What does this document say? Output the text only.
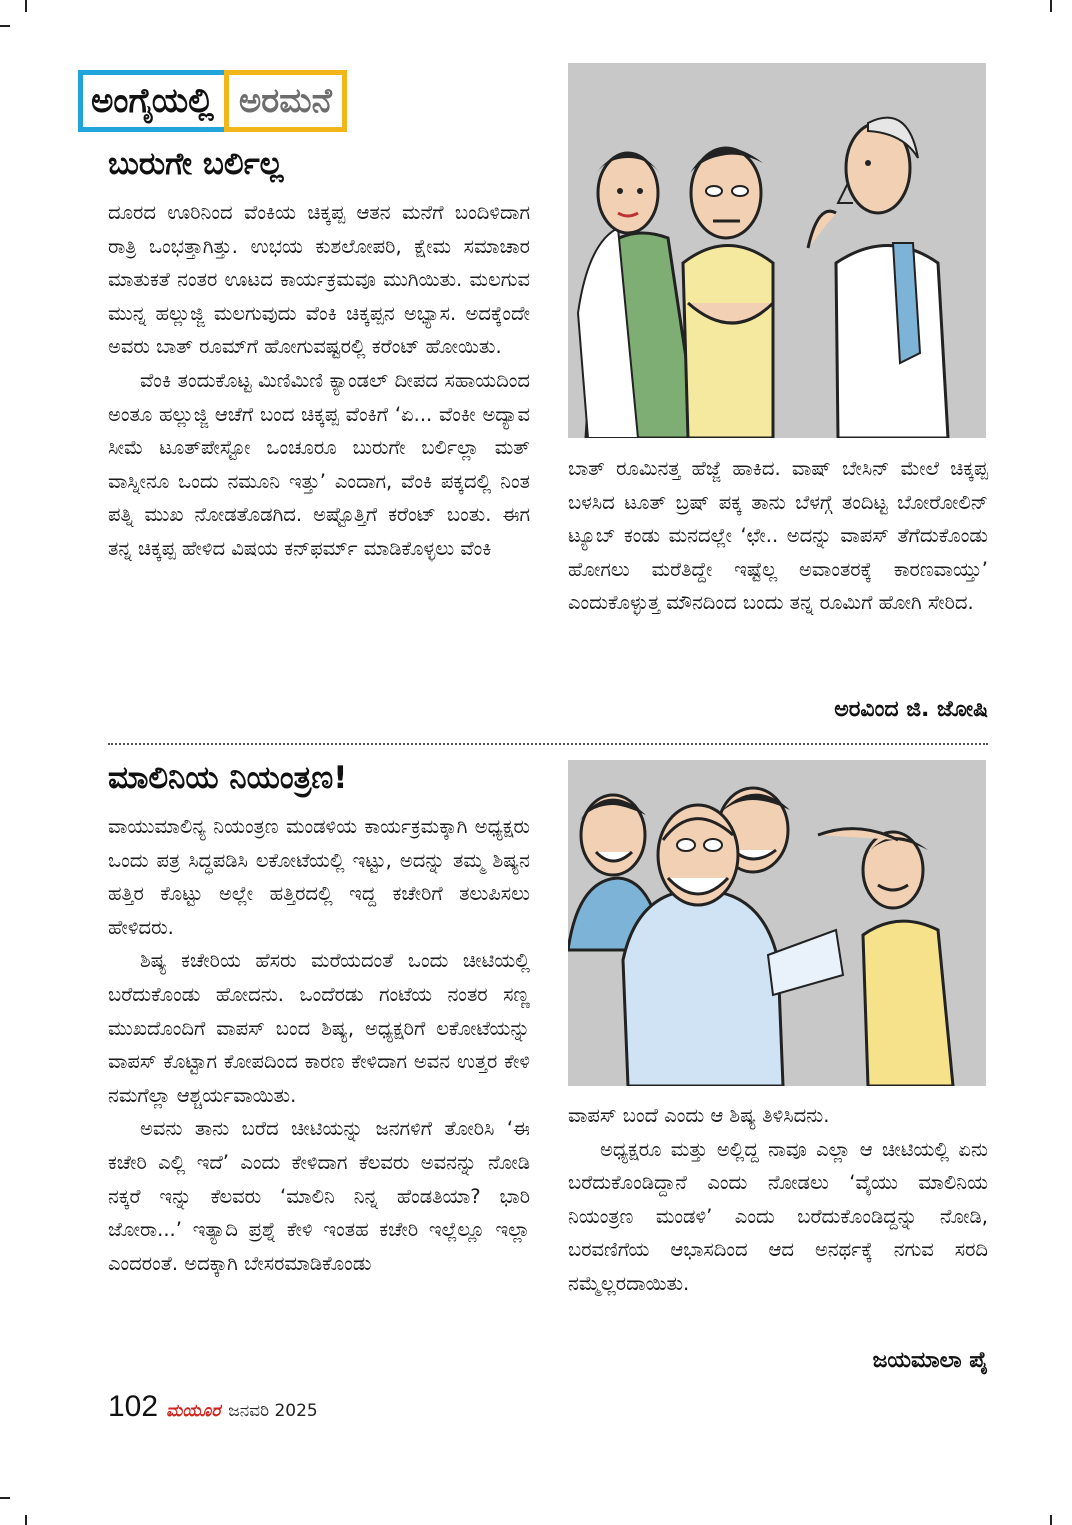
ಅಂಗೈಯಲ್ಲಿ ಅರಮನೆ
ಬುರುಗೇ ಬರ್ಲಿಲ್ಲ

ದೂರದ ಊರಿನಿಂದ ವೆಂಕಿಯ ಚಿಕ್ಕಪ್ಪ ಆತನ ಮನೆಗೆ ಬಂದಿಳಿದಾಗ ರಾತ್ರಿ ಒಂಭತ್ತಾಗಿತ್ತು. ಉಭಯ ಕುಶಲೋಪರಿ, ಕ್ಷೇಮ ಸಮಾಚಾರ ಮಾತುಕತೆ ನಂತರ ಊಟದ ಕಾರ್ಯಕ್ರಮವೂ ಮುಗಿಯಿತು. ಮಲಗುವ ಮುನ್ನ ಹಲ್ಲುಜ್ಜಿ ಮಲಗುವುದು ವೆಂಕಿ ಚಿಕ್ಕಪ್ಪನ ಅಭ್ಯಾಸ. ಅದಕ್ಕೆಂದೇ ಅವರು ಬಾತ್ ರೂಮ್‌ಗೆ ಹೋಗುವಷ್ಟರಲ್ಲಿ ಕರೆಂಟ್ ಹೋಯಿತು.

ವೆಂಕಿ ತಂದುಕೊಟ್ಟ ಮಿಣಿಮಿಣಿ ಕ್ಯಾಂಡಲ್ ದೀಪದ ಸಹಾಯದಿಂದ ಅಂತೂ ಹಲ್ಲುಜ್ಜಿ ಆಚೆಗೆ ಬಂದ ಚಿಕ್ಕಪ್ಪ ವೆಂಕಿಗೆ ‘ಏ... ವೆಂಕೀ ಅದ್ಯಾವ ಸೀಮೆ ಟೂತ್‌ಪೇಸ್ಟೋ ಒಂಚೂರೂ ಬುರುಗೇ ಬರ್ಲಿಲ್ಲಾ ಮತ್ ವಾಸ್ನೀನೂ ಒಂದು ನಮೂನಿ ಇತ್ತು’ ಎಂದಾಗ, ವೆಂಕಿ ಪಕ್ಕದಲ್ಲಿ ನಿಂತ ಪತ್ನಿ ಮುಖ ನೋಡತೊಡಗಿದ. ಅಷ್ಟೊತ್ತಿಗೆ ಕರೆಂಟ್ ಬಂತು. ಈಗ ತನ್ನ ಚಿಕ್ಕಪ್ಪ ಹೇಳಿದ ವಿಷಯ ಕನ್‌ಫರ್ಮ್ ಮಾಡಿಕೊಳ್ಳಲು ವೆಂಕಿ

ಬಾತ್ ರೂಮಿನತ್ತ ಹೆಜ್ಜೆ ಹಾಕಿದ. ವಾಷ್ ಬೇಸಿನ್ ಮೇಲೆ ಚಿಕ್ಕಪ್ಪ ಬಳಸಿದ ಟೂತ್ ಬ್ರಷ್ ಪಕ್ಕ ತಾನು ಬೆಳಗ್ಗೆ ತಂದಿಟ್ಟ ಬೋರೋಲಿನ್ ಟ್ಯೂಬ್ ಕಂಡು ಮನದಲ್ಲೇ ‘ಛೇ.. ಅದನ್ನು ವಾಪಸ್ ತೆಗೆದುಕೊಂಡು ಹೋಗಲು ಮರೆತಿದ್ದೇ ಇಷ್ಟೆಲ್ಲ ಅವಾಂತರಕ್ಕೆ ಕಾರಣವಾಯ್ತು’ ಎಂದುಕೊಳ್ಳುತ್ತ ಮೌನದಿಂದ ಬಂದು ತನ್ನ ರೂಮಿಗೆ ಹೋಗಿ ಸೇರಿದ.

ಅರವಿಂದ ಜಿ. ಜೋಷಿ
ಮಾಲಿನಿಯ ನಿಯಂತ್ರಣ!

ವಾಯುಮಾಲಿನ್ಯ ನಿಯಂತ್ರಣ ಮಂಡಳಿಯ ಕಾರ್ಯಕ್ರಮಕ್ಕಾಗಿ ಅಧ್ಯಕ್ಷರು ಒಂದು ಪತ್ರ ಸಿದ್ಧಪಡಿಸಿ ಲಕೋಟೆಯಲ್ಲಿ ಇಟ್ಟು, ಅದನ್ನು ತಮ್ಮ ಶಿಷ್ಯನ ಹತ್ತಿರ ಕೊಟ್ಟು ಅಲ್ಲೇ ಹತ್ತಿರದಲ್ಲಿ ಇದ್ದ ಕಚೇರಿಗೆ ತಲುಪಿಸಲು ಹೇಳಿದರು.

ಶಿಷ್ಯ ಕಚೇರಿಯ ಹೆಸರು ಮರೆಯದಂತೆ ಒಂದು ಚೀಟಿಯಲ್ಲಿ ಬರೆದುಕೊಂಡು ಹೋದನು. ಒಂದೆರಡು ಗಂಟೆಯ ನಂತರ ಸಣ್ಣ ಮುಖದೊಂದಿಗೆ ವಾಪಸ್ ಬಂದ ಶಿಷ್ಯ, ಅಧ್ಯಕ್ಷರಿಗೆ ಲಕೋಟೆಯನ್ನು ವಾಪಸ್ ಕೊಟ್ಟಾಗ ಕೋಪದಿಂದ ಕಾರಣ ಕೇಳಿದಾಗ ಅವನ ಉತ್ತರ ಕೇಳಿ ನಮಗೆಲ್ಲಾ ಆಶ್ಚರ್ಯವಾಯಿತು.

ಅವನು ತಾನು ಬರೆದ ಚೀಟಿಯನ್ನು ಜನಗಳಿಗೆ ತೋರಿಸಿ ‘ಈ ಕಚೇರಿ ಎಲ್ಲಿ ಇದೆ’ ಎಂದು ಕೇಳಿದಾಗ ಕೆಲವರು ಅವನನ್ನು ನೋಡಿ ನಕ್ಕರೆ ಇನ್ನು ಕೆಲವರು ‘ಮಾಲಿನಿ ನಿನ್ನ ಹೆಂಡತಿಯಾ? ಭಾರಿ ಜೋರಾ...’ ಇತ್ಯಾದಿ ಪ್ರಶ್ನೆ ಕೇಳಿ ಇಂತಹ ಕಚೇರಿ ಇಲ್ಲೆಲ್ಲೂ ಇಲ್ಲಾ ಎಂದರಂತೆ. ಅದಕ್ಕಾಗಿ ಬೇಸರಮಾಡಿಕೊಂಡು

ವಾಪಸ್ ಬಂದೆ ಎಂದು ಆ ಶಿಷ್ಯ ತಿಳಿಸಿದನು.

ಅಧ್ಯಕ್ಷರೂ ಮತ್ತು ಅಲ್ಲಿದ್ದ ನಾವೂ ಎಲ್ಲಾ ಆ ಚೀಟಿಯಲ್ಲಿ ಏನು ಬರೆದುಕೊಂಡಿದ್ದಾನೆ ಎಂದು ನೋಡಲು ‘ವೈಯು ಮಾಲಿನಿಯ ನಿಯಂತ್ರಣ ಮಂಡಳಿ’ ಎಂದು ಬರೆದುಕೊಂಡಿದ್ದನ್ನು ನೋಡಿ, ಬರವಣಿಗೆಯ ಆಭಾಸದಿಂದ ಆದ ಅನರ್ಥಕ್ಕೆ ನಗುವ ಸರದಿ ನಮ್ಮೆಲ್ಲರದಾಯಿತು.

ಜಯಮಾಲಾ ಪೈ
102 ಮಯೂರ ಜನವರಿ 2025
